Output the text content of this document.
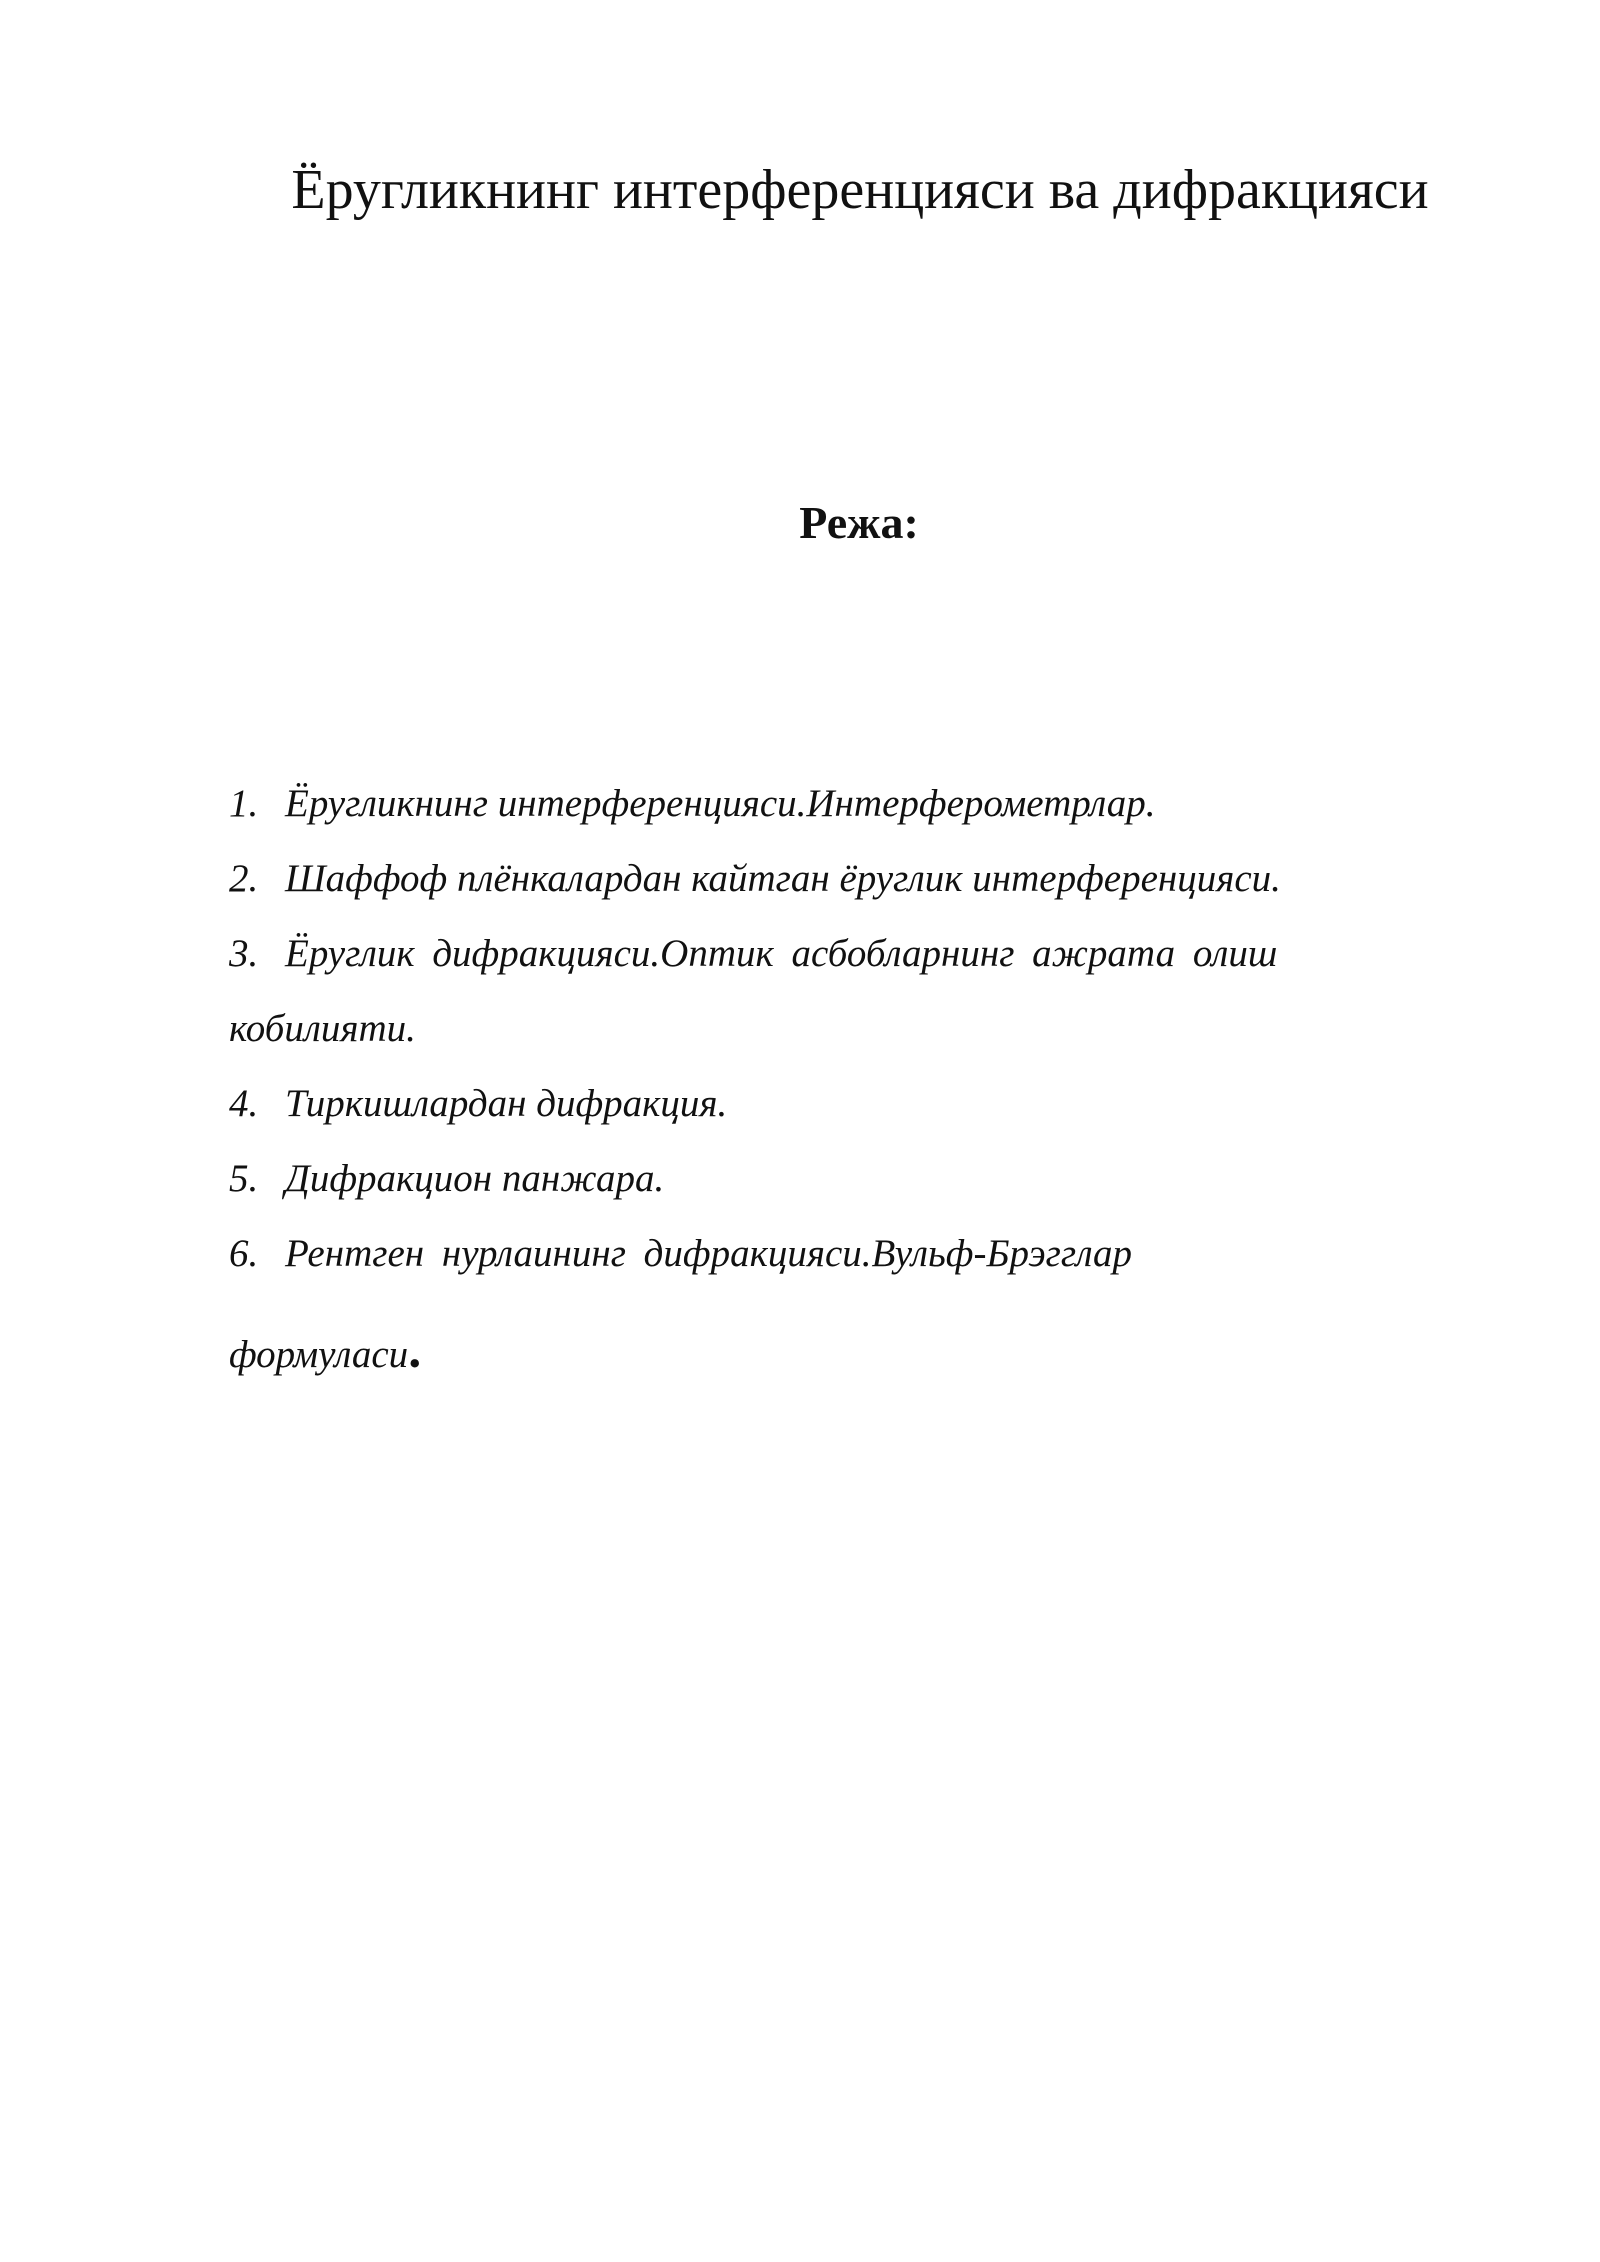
Ёругликнинг интерференцияси ва дифракцияси
Режа:
1. Ёругликнинг интерференцияси.Интерферометрлар.
2. Шаффоф плёнкалардан кайтган ёруглик интерференцияси.
3. Ёруглик дифракцияси.Оптик асбобларнинг ажрата олиш
кобилияти.
4. Тиркишлардан дифракция.
5. Дифракцион панжара.
6. Рентген нурлаининг дифракцияси.Вульф-Брэгглар
формуласи.
